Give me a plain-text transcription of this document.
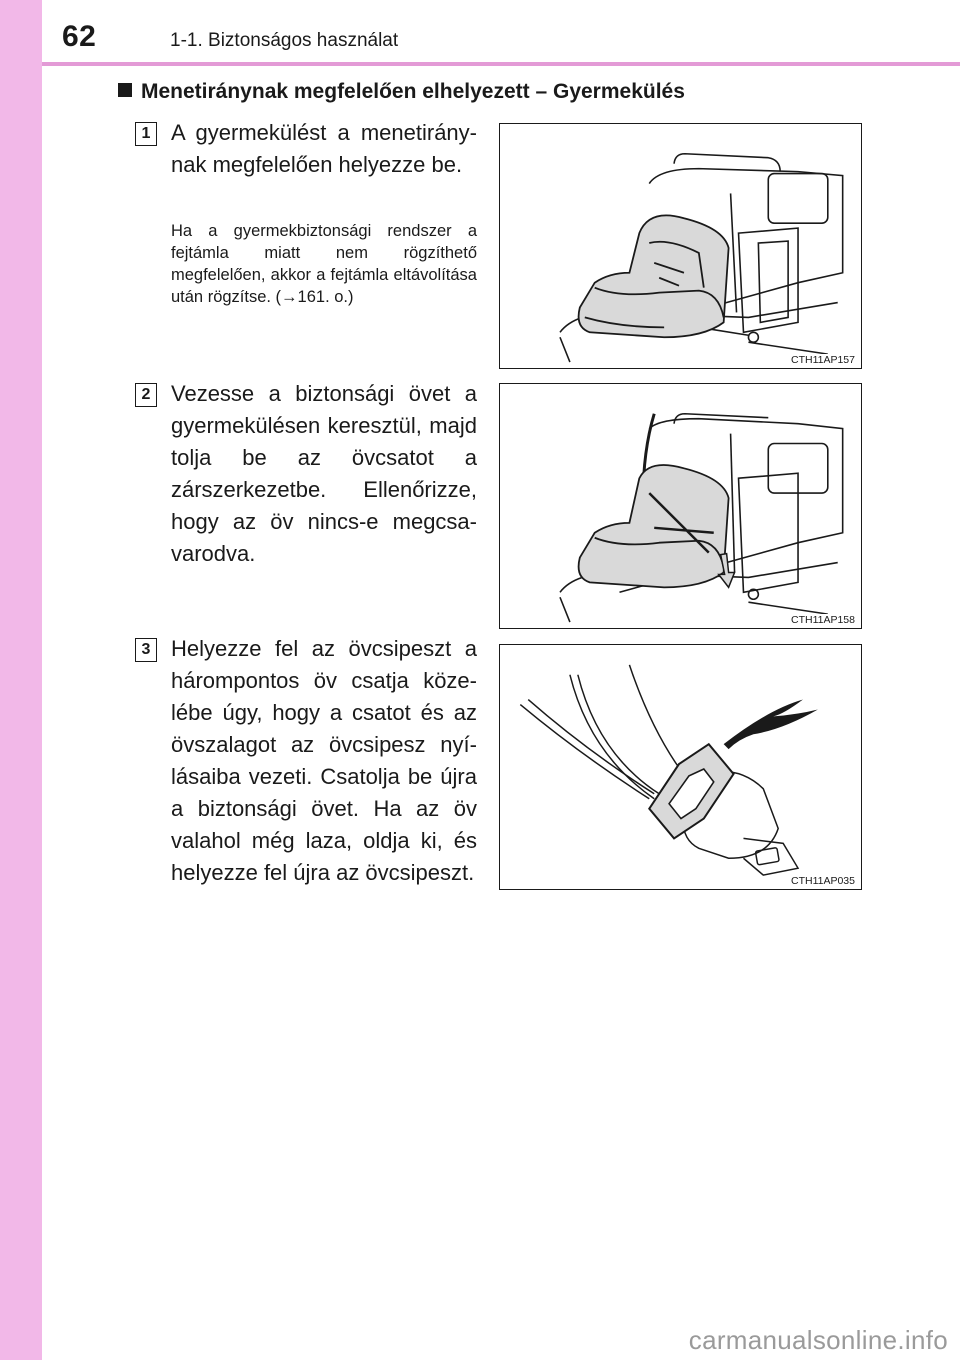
62	1-1. Biztonságos használat
Menetiránynak megfelelően elhelyezett – Gyermekülés
1 A gyermekülést a menetiránynak megfelelően helyezze be.
Ha a gyermekbiztonsági rendszer a fejtámla miatt nem rögzíthető megfelelően, akkor a fejtámla eltávolítása után rögzítse. (→161. o.)
CTH11AP157
2 Vezesse a biztonsági övet a gyermekülésen keresztül, majd tolja be az övcsatot a zárszerkezetbe. Ellenőrizze, hogy az öv nincs-e megcsavarodva.
CTH11AP158
3 Helyezze fel az övcsipeszt a hárompontos öv csatja közelébe úgy, hogy a csatot és az övszalagot az övcsipesz nyílásaiba vezeti. Csatolja be újra a biztonsági övet. Ha az öv valahol még laza, oldja ki, és helyezze fel újra az övcsipeszt.	CTH11AP035
carmanualsonline.info
